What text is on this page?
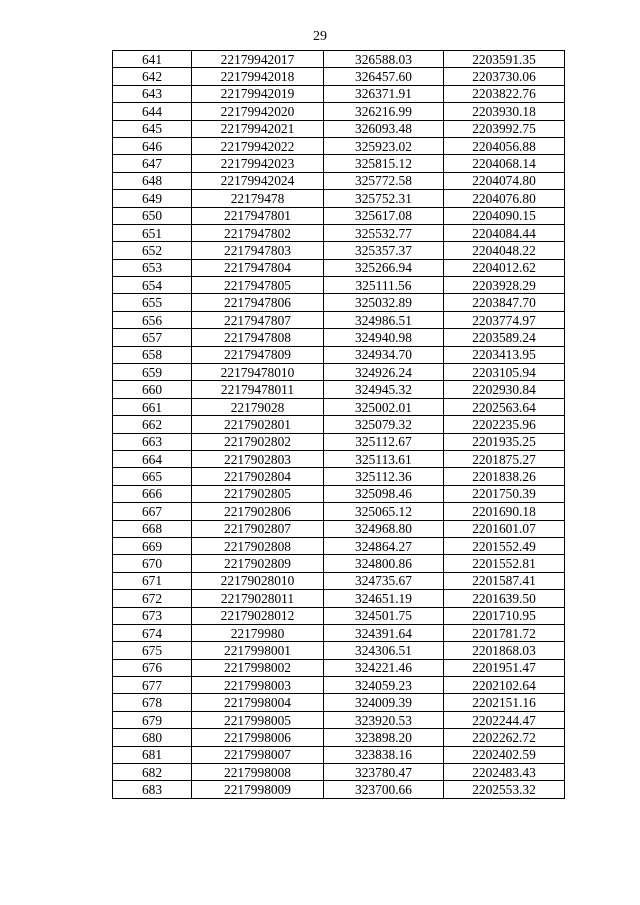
29
641	22179942017	326588.03	2203591.35
642	22179942018	326457.60	2203730.06
643	22179942019	326371.91	2203822.76
644	22179942020	326216.99	2203930.18
645	22179942021	326093.48	2203992.75
646	22179942022	325923.02	2204056.88
647	22179942023	325815.12	2204068.14
648	22179942024	325772.58	2204074.80
649	22179478	325752.31	2204076.80
650	2217947801	325617.08	2204090.15
651	2217947802	325532.77	2204084.44
652	2217947803	325357.37	2204048.22
653	2217947804	325266.94	2204012.62
654	2217947805	325111.56	2203928.29
655	2217947806	325032.89	2203847.70
656	2217947807	324986.51	2203774.97
657	2217947808	324940.98	2203589.24
658	2217947809	324934.70	2203413.95
659	22179478010	324926.24	2203105.94
660	22179478011	324945.32	2202930.84
661	22179028	325002.01	2202563.64
662	2217902801	325079.32	2202235.96
663	2217902802	325112.67	2201935.25
664	2217902803	325113.61	2201875.27
665	2217902804	325112.36	2201838.26
666	2217902805	325098.46	2201750.39
667	2217902806	325065.12	2201690.18
668	2217902807	324968.80	2201601.07
669	2217902808	324864.27	2201552.49
670	2217902809	324800.86	2201552.81
671	22179028010	324735.67	2201587.41
672	22179028011	324651.19	2201639.50
673	22179028012	324501.75	2201710.95
674	22179980	324391.64	2201781.72
675	2217998001	324306.51	2201868.03
676	2217998002	324221.46	2201951.47
677	2217998003	324059.23	2202102.64
678	2217998004	324009.39	2202151.16
679	2217998005	323920.53	2202244.47
680	2217998006	323898.20	2202262.72
681	2217998007	323838.16	2202402.59
682	2217998008	323780.47	2202483.43
683	2217998009	323700.66	2202553.32
